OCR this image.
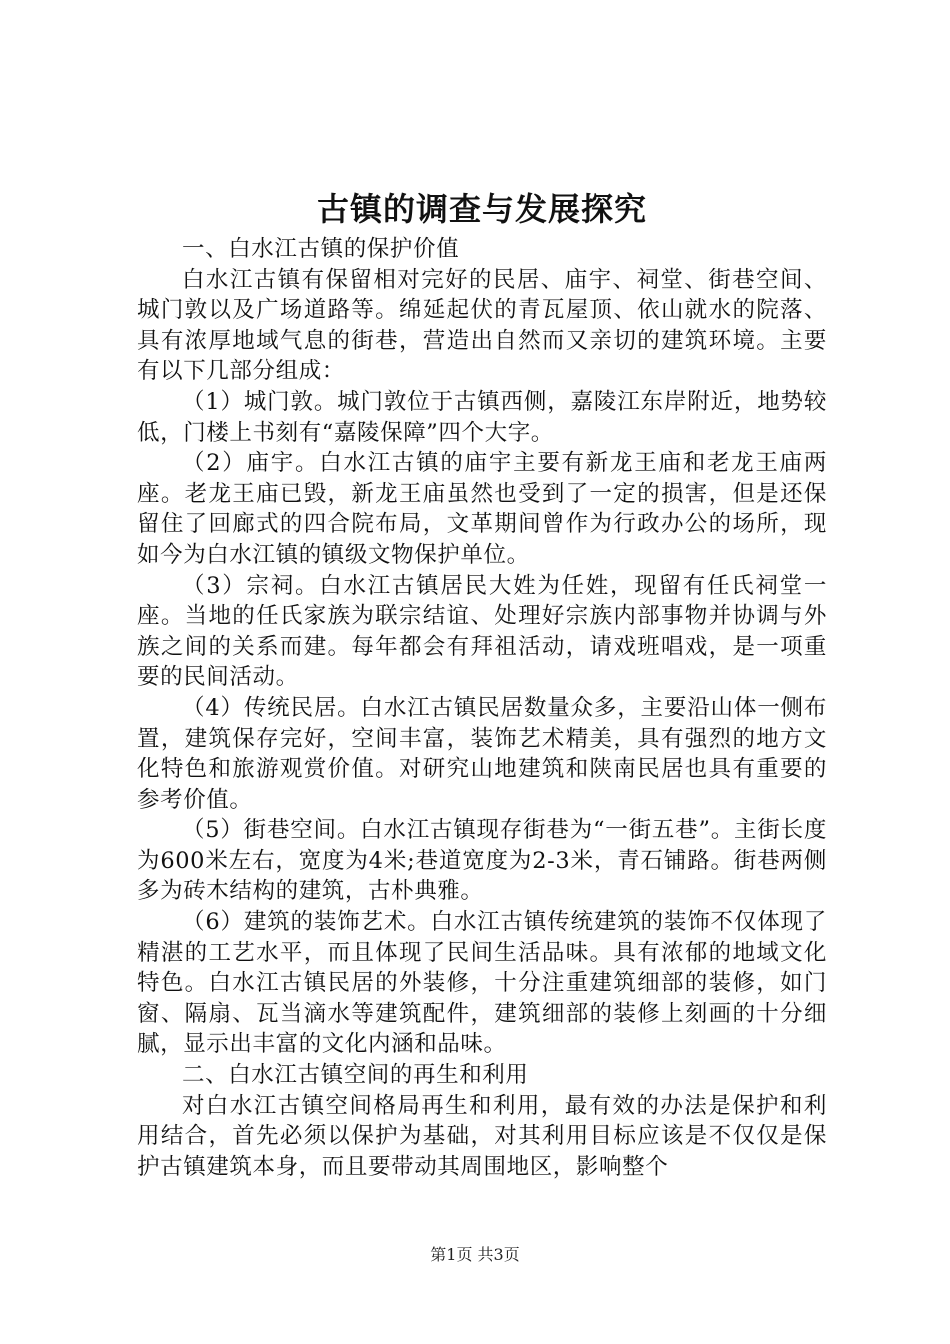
古镇的调查与发展探究

一、白水江古镇的保护价值

白水江古镇有保留相对完好的民居、庙宇、祠堂、街巷空间、城门敦以及广场道路等。绵延起伏的青瓦屋顶、依山就水的院落、具有浓厚地域气息的街巷，营造出自然而又亲切的建筑环境。主要有以下几部分组成：

（1）城门敦。城门敦位于古镇西侧，嘉陵江东岸附近，地势较低，门楼上书刻有“嘉陵保障”四个大字。

（2）庙宇。白水江古镇的庙宇主要有新龙王庙和老龙王庙两座。老龙王庙已毁，新龙王庙虽然也受到了一定的损害，但是还保留住了回廊式的四合院布局，文革期间曾作为行政办公的场所，现如今为白水江镇的镇级文物保护单位。

（3）宗祠。白水江古镇居民大姓为任姓，现留有任氏祠堂一座。当地的任氏家族为联宗结谊、处理好宗族内部事物并协调与外族之间的关系而建。每年都会有拜祖活动，请戏班唱戏，是一项重要的民间活动。

（4）传统民居。白水江古镇民居数量众多，主要沿山体一侧布置，建筑保存完好，空间丰富，装饰艺术精美，具有强烈的地方文化特色和旅游观赏价值。对研究山地建筑和陕南民居也具有重要的参考价值。

（5）街巷空间。白水江古镇现存街巷为“一街五巷”。主街长度为600米左右，宽度为4米;巷道宽度为2-3米，青石铺路。街巷两侧多为砖木结构的建筑，古朴典雅。

（6）建筑的装饰艺术。白水江古镇传统建筑的装饰不仅体现了精湛的工艺水平，而且体现了民间生活品味。具有浓郁的地域文化特色。白水江古镇民居的外装修，十分注重建筑细部的装修，如门窗、隔扇、瓦当滴水等建筑配件，建筑细部的装修上刻画的十分细腻，显示出丰富的文化内涵和品味。

二、白水江古镇空间的再生和利用

对白水江古镇空间格局再生和利用，最有效的办法是保护和利用结合，首先必须以保护为基础，对其利用目标应该是不仅仅是保护古镇建筑本身，而且要带动其周围地区，影响整个

第1页 共3页
